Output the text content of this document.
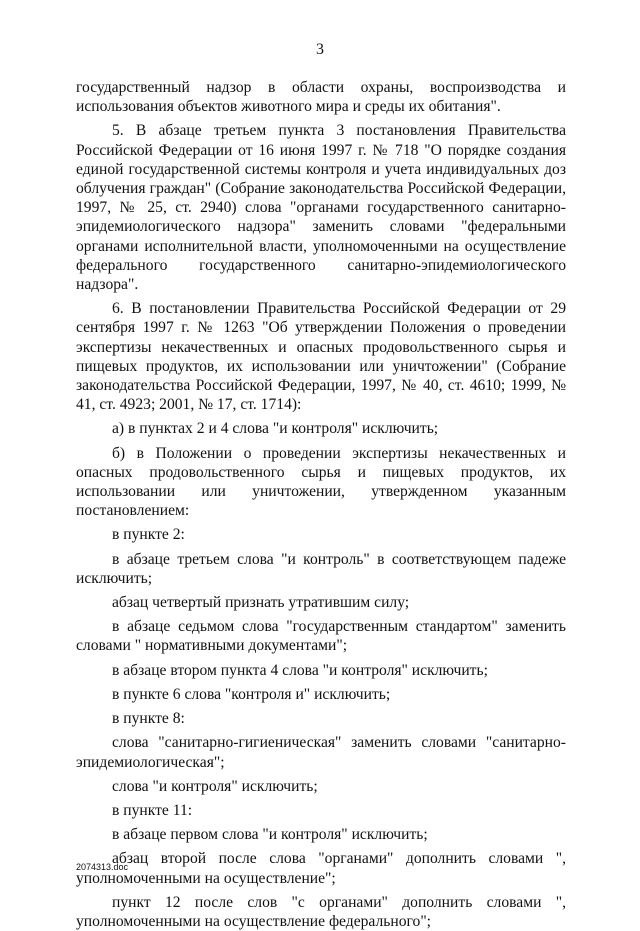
3

государственный надзор в области охраны, воспроизводства и использования объектов животного мира и среды их обитания".

5. В абзаце третьем пункта 3 постановления Правительства Российской Федерации от 16 июня 1997 г. № 718 "О порядке создания единой государственной системы контроля и учета индивидуальных доз облучения граждан" (Собрание законодательства Российской Федерации, 1997, № 25, ст. 2940) слова "органами государственного санитарно-эпидемиологического надзора" заменить словами "федеральными органами исполнительной власти, уполномоченными на осуществление федерального государственного санитарно-эпидемиологического надзора".

6. В постановлении Правительства Российской Федерации от 29 сентября 1997 г. № 1263 "Об утверждении Положения о проведении экспертизы некачественных и опасных продовольственного сырья и пищевых продуктов, их использовании или уничтожении" (Собрание законодательства Российской Федерации, 1997, № 40, ст. 4610; 1999, № 41, ст. 4923; 2001, № 17, ст. 1714):

а) в пунктах 2 и 4 слова "и контроля" исключить;

б) в Положении о проведении экспертизы некачественных и опасных продовольственного сырья и пищевых продуктов, их использовании или уничтожении, утвержденном указанным постановлением:

в пункте 2:

в абзаце третьем слова "и контроль" в соответствующем падеже исключить;

абзац четвертый признать утратившим силу;

в абзаце седьмом слова "государственным стандартом" заменить словами " нормативными документами";

в абзаце втором пункта 4 слова "и контроля" исключить;

в пункте 6 слова "контроля и" исключить;

в пункте 8:

слова "санитарно-гигиеническая" заменить словами "санитарно-эпидемиологическая";

слова "и контроля" исключить;

в пункте 11:

в абзаце первом слова "и контроля" исключить;

абзац второй после слова "органами" дополнить словами ", уполномоченными на осуществление";

пункт 12 после слов "с органами" дополнить словами ", уполномоченными на осуществление федерального";

2074313.doc
